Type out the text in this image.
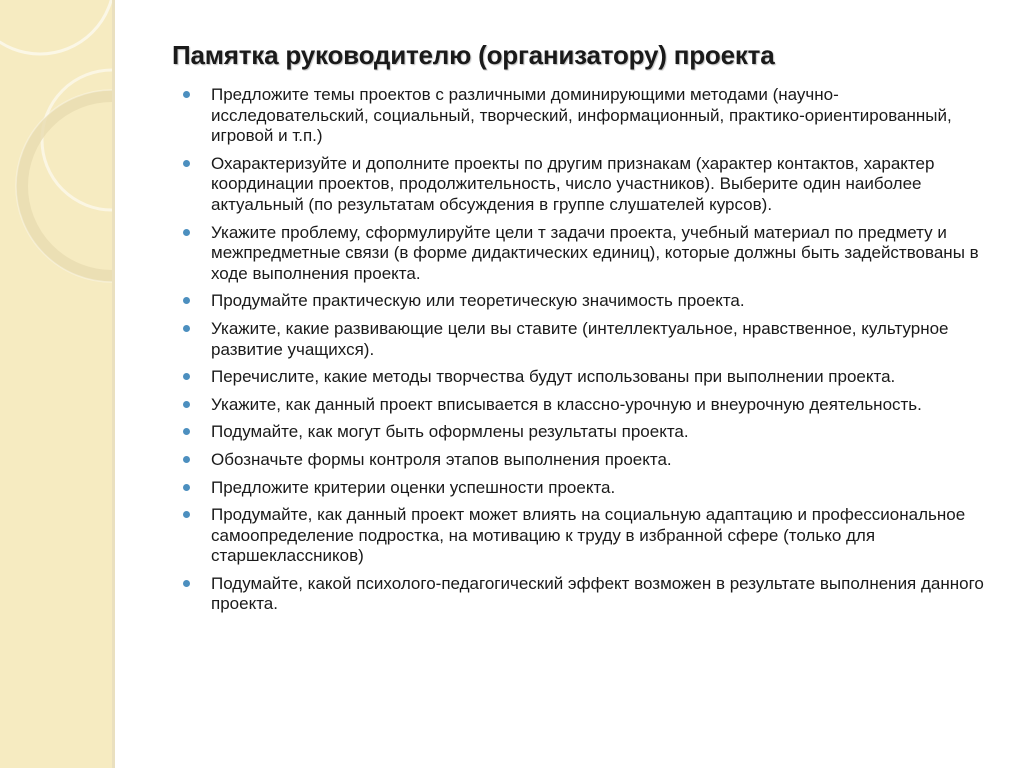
Памятка руководителю (организатору) проекта
Предложите темы проектов с различными доминирующими методами (научно-исследовательский, социальный, творческий, информационный, практико-ориентированный, игровой и т.п.)
Охарактеризуйте и дополните проекты по другим признакам (характер контактов, характер координации проектов, продолжительность, число участников). Выберите один наиболее актуальный (по результатам обсуждения в группе слушателей курсов).
Укажите проблему, сформулируйте цели т задачи проекта, учебный материал по предмету и межпредметные связи (в форме дидактических единиц), которые должны быть задействованы в ходе выполнения проекта.
Продумайте практическую или теоретическую значимость проекта.
Укажите, какие развивающие цели вы ставите (интеллектуальное, нравственное, культурное развитие учащихся).
Перечислите, какие методы творчества будут использованы при выполнении проекта.
Укажите, как данный проект вписывается в классно-урочную и внеурочную деятельность.
Подумайте, как могут быть оформлены результаты проекта.
Обозначьте формы контроля этапов выполнения проекта.
Предложите критерии оценки успешности проекта.
Продумайте, как данный проект может влиять на социальную адаптацию и профессиональное самоопределение подростка, на мотивацию к труду в избранной сфере (только для старшеклассников)
Подумайте, какой психолого-педагогический эффект возможен в результате выполнения данного проекта.
